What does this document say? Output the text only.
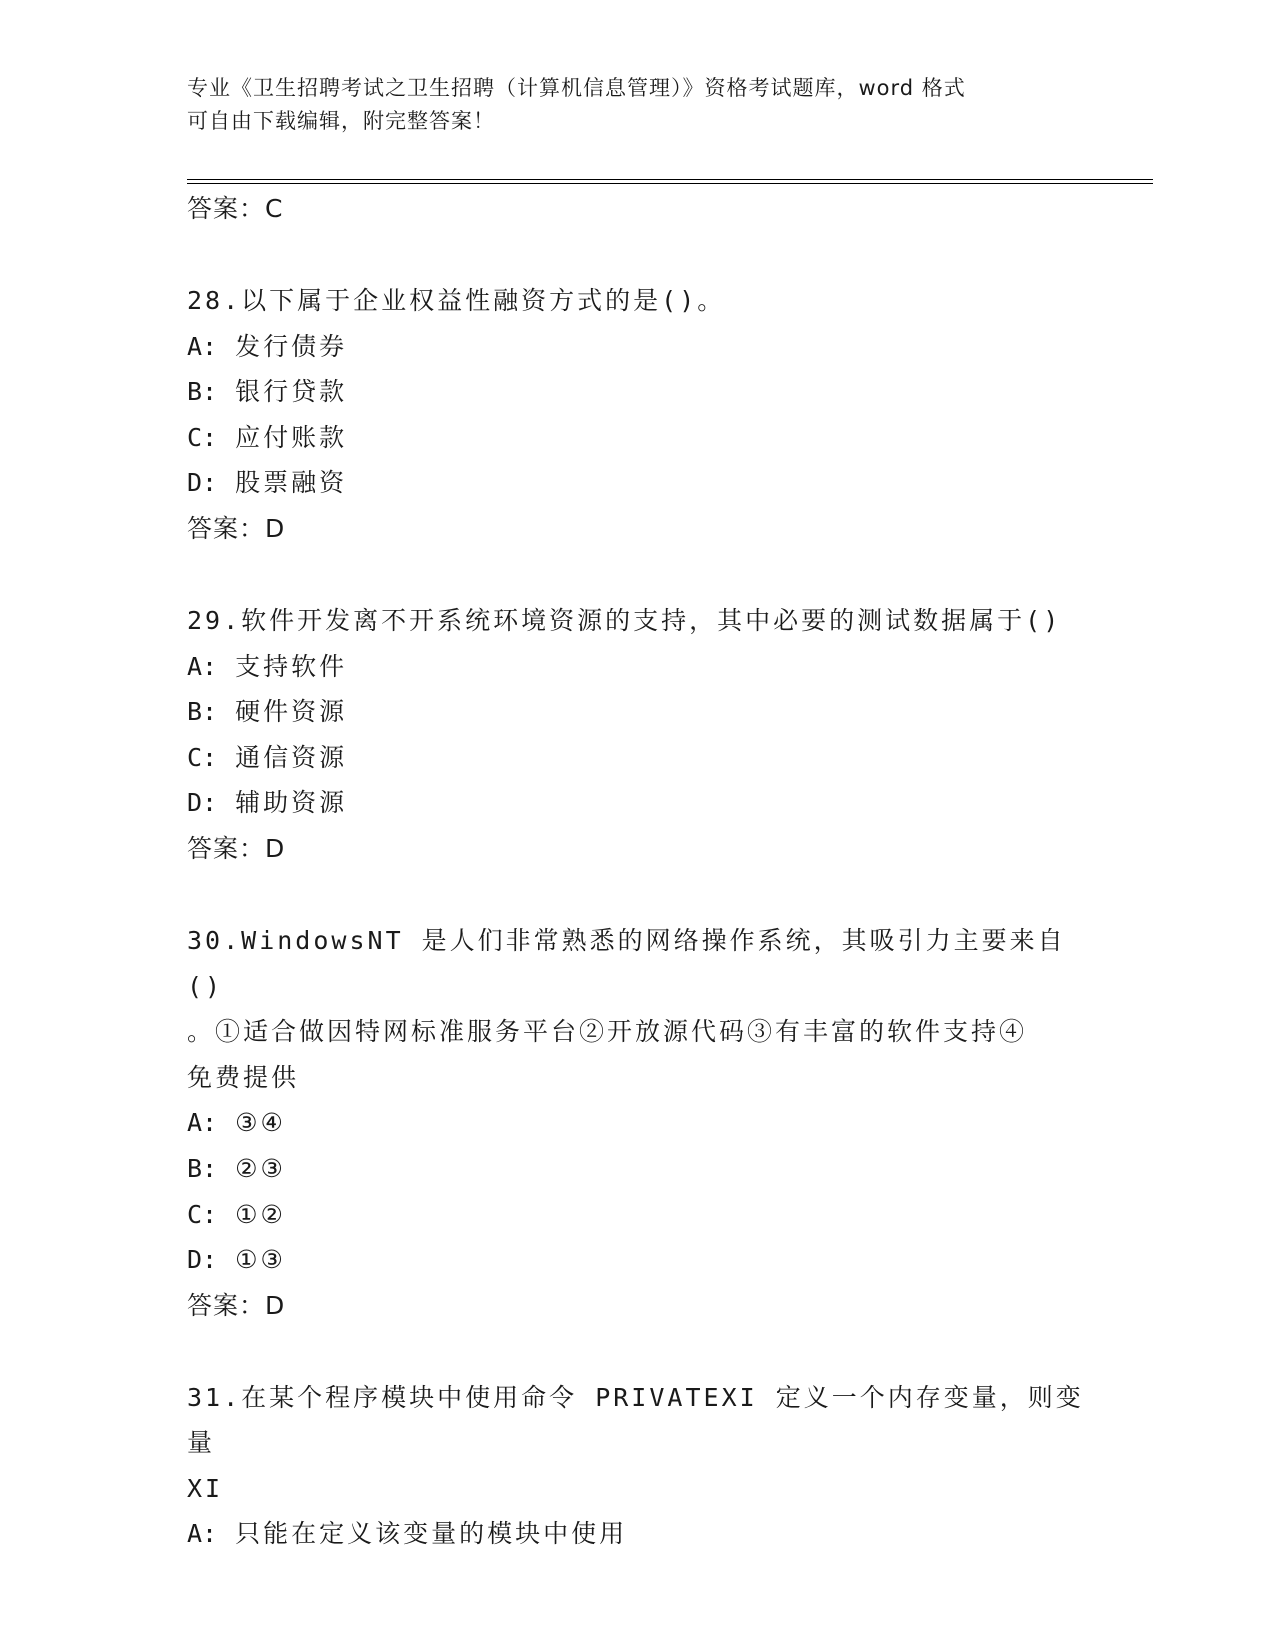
专业《卫生招聘考试之卫生招聘（计算机信息管理）》资格考试题库，word 格式
可自由下载编辑，附完整答案！
答案：C
28.以下属于企业权益性融资方式的是()。
A: 发行债券
B: 银行贷款
C: 应付账款
D: 股票融资
答案：D
29.软件开发离不开系统环境资源的支持，其中必要的测试数据属于()
A: 支持软件
B: 硬件资源
C: 通信资源
D: 辅助资源
答案：D
30.WindowsNT 是人们非常熟悉的网络操作系统，其吸引力主要来自()
。①适合做因特网标准服务平台②开放源代码③有丰富的软件支持④
免费提供
A: ③④
B: ②③
C: ①②
D: ①③
答案：D
31.在某个程序模块中使用命令 PRIVATEXI 定义一个内存变量，则变量
XI
A: 只能在定义该变量的模块中使用
